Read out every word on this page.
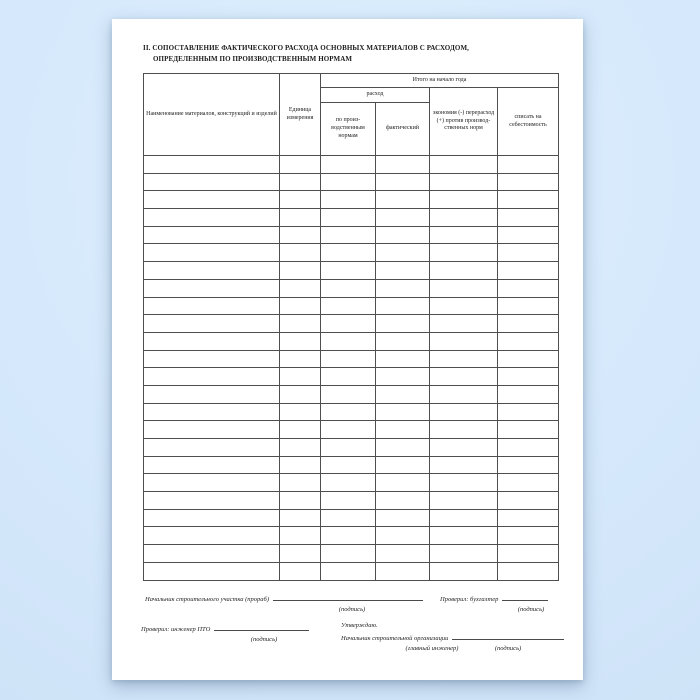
II. СОПОСТАВЛЕНИЕ ФАКТИЧЕСКОГО РАСХОДА ОСНОВНЫХ МАТЕРИАЛОВ С РАСХОДОМ,
ОПРЕДЕЛЕННЫМ ПО ПРОИЗВОДСТВЕННЫМ НОРМАМ
Наименование материалов, конструкций и изделий	Единица измерения	Итого на начало года			
		расход		экономия (-) перерасход (+) против производ-ственных норм	списать на себестоимость
		по произ-водственным нормам	фактический		

Начальник строительного участка (прораб)
(подпись)
Проверил: бухгалтер
(подпись)
Проверил: инженер ПТО
(подпись)
Утверждаю.
Начальник строительной организации
(главный инженер)	(подпись)
